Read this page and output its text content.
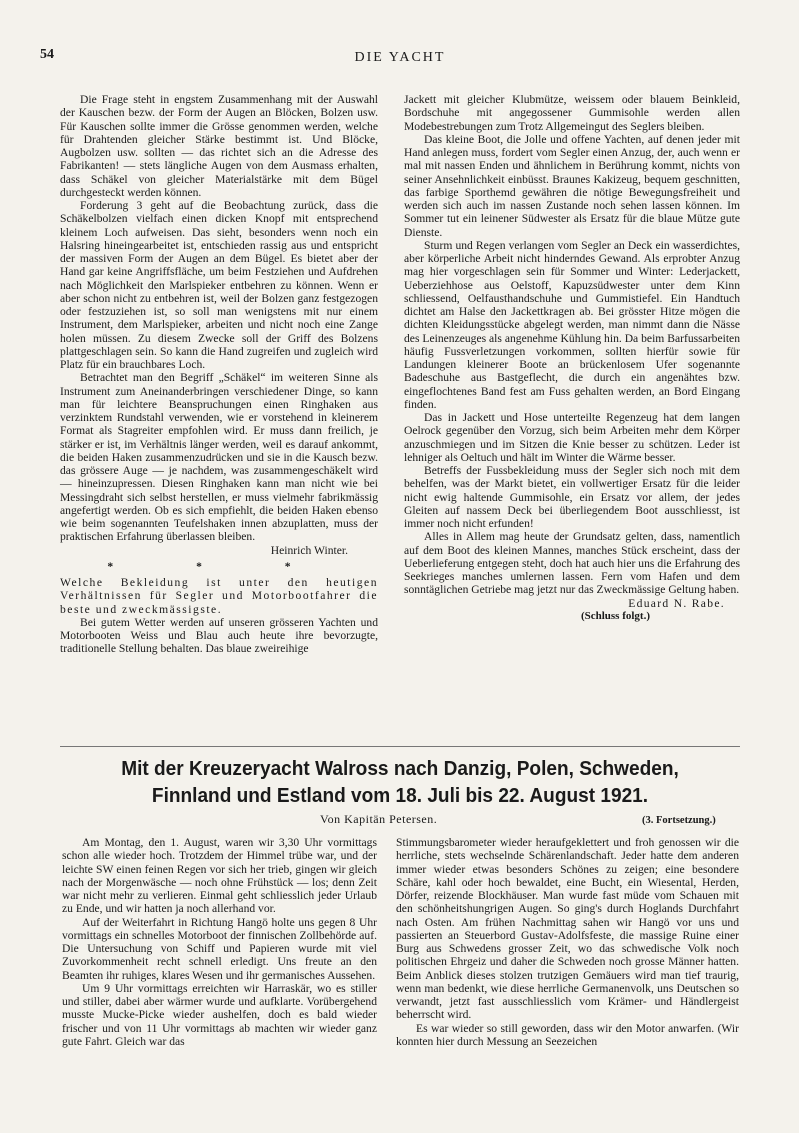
54	DIE YACHT

Die Frage steht in engstem Zusammenhang mit der Auswahl der Kauschen bezw. der Form der Augen an Blöcken, Bolzen usw. Für Kauschen sollte immer die Grösse genommen werden, welche für Drahtenden gleicher Stärke bestimmt ist. Und Blöcke, Augbolzen usw. sollten — das richtet sich an die Adresse des Fabrikanten! — stets längliche Augen von dem Ausmass erhalten, dass Schäkel von gleicher Materialstärke mit dem Bügel durchgesteckt werden können.

Forderung 3 geht auf die Beobachtung zurück, dass die Schäkelbolzen vielfach einen dicken Knopf mit entsprechend kleinem Loch aufweisen. Das sieht, besonders wenn noch ein Halsring hineingearbeitet ist, entschieden rassig aus und entspricht der massiven Form der Augen an dem Bügel. Es bietet aber der Hand gar keine Angriffsfläche, um beim Festziehen und Aufdrehen nach Möglichkeit den Marlspieker entbehren zu können. Wenn er aber schon nicht zu entbehren ist, weil der Bolzen ganz festgezogen oder festzuziehen ist, so soll man wenigstens mit nur einem Instrument, dem Marlspieker, arbeiten und nicht noch eine Zange holen müssen. Zu diesem Zwecke soll der Griff des Bolzens plattgeschlagen sein. So kann die Hand zugreifen und zugleich wird Platz für ein brauchbares Loch.

Betrachtet man den Begriff „Schäkel“ im weiteren Sinne als Instrument zum Aneinanderbringen verschiedener Dinge, so kann man für leichtere Beanspruchungen einen Ringhaken aus verzinktem Rundstahl verwenden, wie er vorstehend in kleinerem Format als Stagreiter empfohlen wird. Er muss dann freilich, je stärker er ist, im Verhältnis länger werden, weil es darauf ankommt, die beiden Haken zusammenzudrücken und sie in die Kausch bezw. das grössere Auge — je nachdem, was zusammengeschäkelt wird — hineinzupressen. Diesen Ringhaken kann man nicht wie bei Messingdraht sich selbst herstellen, er muss vielmehr fabrikmässig angefertigt werden. Ob es sich empfiehlt, die beiden Haken ebenso wie beim sogenannten Teufelshaken innen abzuplatten, muss der praktischen Erfahrung überlassen bleiben.

Heinrich Winter.

* * *

Welche Bekleidung ist unter den heutigen Verhältnissen für Segler und Motorbootfahrer die beste und zweckmässigste.

Bei gutem Wetter werden auf unseren grösseren Yachten und Motorbooten Weiss und Blau auch heute ihre bevorzugte, traditionelle Stellung behalten. Das blaue zweireihige

Jackett mit gleicher Klubmütze, weissem oder blauem Beinkleid, Bordschuhe mit angegossener Gummisohle werden allen Modebestrebungen zum Trotz Allgemeingut des Seglers bleiben.

Das kleine Boot, die Jolle und offene Yachten, auf denen jeder mit Hand anlegen muss, fordert vom Segler einen Anzug, der, auch wenn er mal mit nassen Enden und ähnlichem in Berührung kommt, nichts von seiner Ansehnlichkeit einbüsst. Braunes Kakizeug, bequem geschnitten, das farbige Sporthemd gewähren die nötige Bewegungsfreiheit und werden sich auch im nassen Zustande noch sehen lassen können. Im Sommer tut ein leinener Südwester als Ersatz für die blaue Mütze gute Dienste.

Sturm und Regen verlangen vom Segler an Deck ein wasserdichtes, aber körperliche Arbeit nicht hinderndes Gewand. Als erprobter Anzug mag hier vorgeschlagen sein für Sommer und Winter: Lederjackett, Ueberziehhose aus Oelstoff, Kapuzsüdwester unter dem Kinn schliessend, Oelfausthandschuhe und Gummistiefel. Ein Handtuch dichtet am Halse den Jackettkragen ab. Bei grösster Hitze mögen die dichten Kleidungsstücke abgelegt werden, man nimmt dann die Nässe des Leinenzeuges als angenehme Kühlung hin. Da beim Barfussarbeiten häufig Fussverletzungen vorkommen, sollten hierfür sowie für Landungen kleinerer Boote an brückenlosem Ufer sogenannte Badeschuhe aus Bastgeflecht, die durch ein angenähtes bzw. eingeflochtenes Band fest am Fuss gehalten werden, an Bord Eingang finden.

Das in Jackett und Hose unterteilte Regenzeug hat dem langen Oelrock gegenüber den Vorzug, sich beim Arbeiten mehr dem Körper anzuschmiegen und im Sitzen die Knie besser zu schützen. Leder ist lehniger als Oeltuch und hält im Winter die Wärme besser.

Betreffs der Fussbekleidung muss der Segler sich noch mit dem behelfen, was der Markt bietet, ein vollwertiger Ersatz für die leider nicht ewig haltende Gummisohle, ein Ersatz vor allem, der jedes Gleiten auf nassem Deck bei überliegendem Boot ausschliesst, ist immer noch nicht erfunden!

Alles in Allem mag heute der Grundsatz gelten, dass, namentlich auf dem Boot des kleinen Mannes, manches Stück erscheint, dass der Ueberlieferung entgegen steht, doch hat auch hier uns die Erfahrung des Seekrieges manches umlernen lassen. Fern vom Hafen und dem sonntäglichen Getriebe mag jetzt nur das Zweckmässige Geltung haben.

Eduard N. Rabe.

(Schluss folgt.)

Mit der Kreuzeryacht Walross nach Danzig, Polen, Schweden, Finnland und Estland vom 18. Juli bis 22. August 1921.
Von Kapitän Petersen.	(3. Fortsetzung.)

Am Montag, den 1. August, waren wir 3,30 Uhr vormittags schon alle wieder hoch. Trotzdem der Himmel trübe war, und der leichte SW einen feinen Regen vor sich her trieb, gingen wir gleich nach der Morgenwäsche — noch ohne Frühstück — los; denn Zeit war nicht mehr zu verlieren. Einmal geht schliesslich jeder Urlaub zu Ende, und wir hatten ja noch allerhand vor.

Auf der Weiterfahrt in Richtung Hangö holte uns gegen 8 Uhr vormittags ein schnelles Motorboot der finnischen Zollbehörde auf. Die Untersuchung von Schiff und Papieren wurde mit viel Zuvorkommenheit recht schnell erledigt. Uns freute an den Beamten ihr ruhiges, klares Wesen und ihr germanisches Aussehen.

Um 9 Uhr vormittags erreichten wir Harraskär, wo es stiller und stiller, dabei aber wärmer wurde und aufklarte. Vorübergehend musste Mucke-Picke wieder aushelfen, doch es bald wieder frischer und von 11 Uhr vormittags ab machten wir wieder ganz gute Fahrt. Gleich war das

Stimmungsbarometer wieder heraufgeklettert und froh genossen wir die herrliche, stets wechselnde Schärenlandschaft. Jeder hatte dem anderen immer wieder etwas besonders Schönes zu zeigen; eine besondere Schäre, kahl oder hoch bewaldet, eine Bucht, ein Wiesental, Herden, Dörfer, reizende Blockhäuser. Man wurde fast müde vom Schauen mit den schönheitshungrigen Augen. So ging's durch Hoglands Durchfahrt nach Osten. Am frühen Nachmittag sahen wir Hangö vor uns und passierten an Steuerbord Gustav-Adolfsfeste, die massige Ruine einer Burg aus Schwedens grosser Zeit, wo das schwedische Volk noch politischen Ehrgeiz und daher die Schweden noch grosse Männer hatten. Beim Anblick dieses stolzen trutzigen Gemäuers wird man tief traurig, wenn man bedenkt, wie diese herrliche Germanenvolk, uns Deutschen so verwandt, jetzt fast ausschliesslich vom Krämer- und Händlergeist beherrscht wird.

Es war wieder so still geworden, dass wir den Motor anwarfen. (Wir konnten hier durch Messung an Seezeichen
